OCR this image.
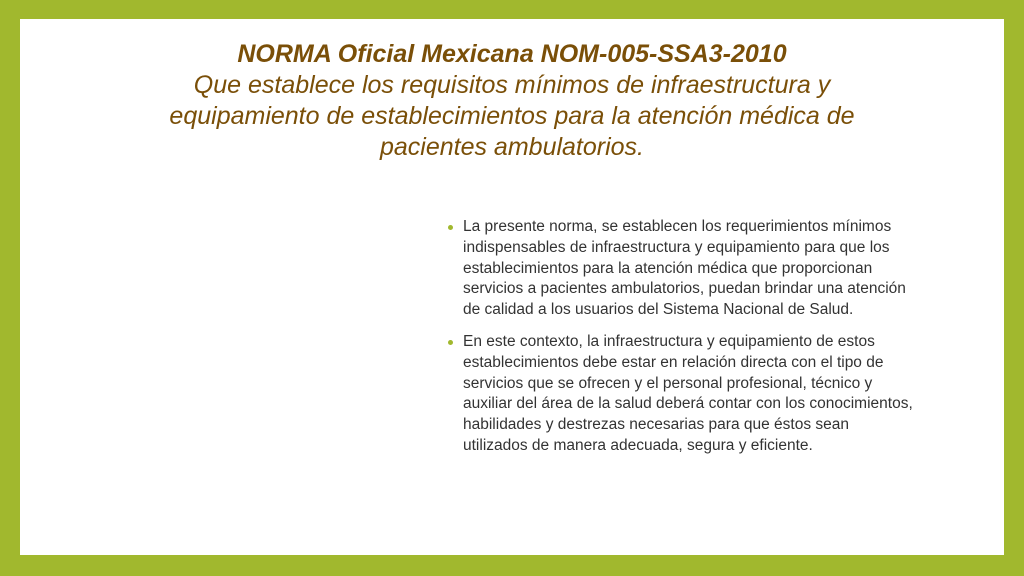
NORMA Oficial Mexicana NOM-005-SSA3-2010
Que establece los requisitos mínimos de infraestructura y equipamiento de establecimientos para la atención médica de pacientes ambulatorios.
La presente norma, se establecen los requerimientos mínimos indispensables de infraestructura y equipamiento para que los establecimientos para la atención médica que proporcionan servicios a pacientes ambulatorios, puedan brindar una atención de calidad a los usuarios del Sistema Nacional de Salud.
En este contexto, la infraestructura y equipamiento de estos establecimientos debe estar en relación directa con el tipo de servicios que se ofrecen y el personal profesional, técnico y auxiliar del área de la salud deberá contar con los conocimientos, habilidades y destrezas necesarias para que éstos sean utilizados de manera adecuada, segura y eficiente.
